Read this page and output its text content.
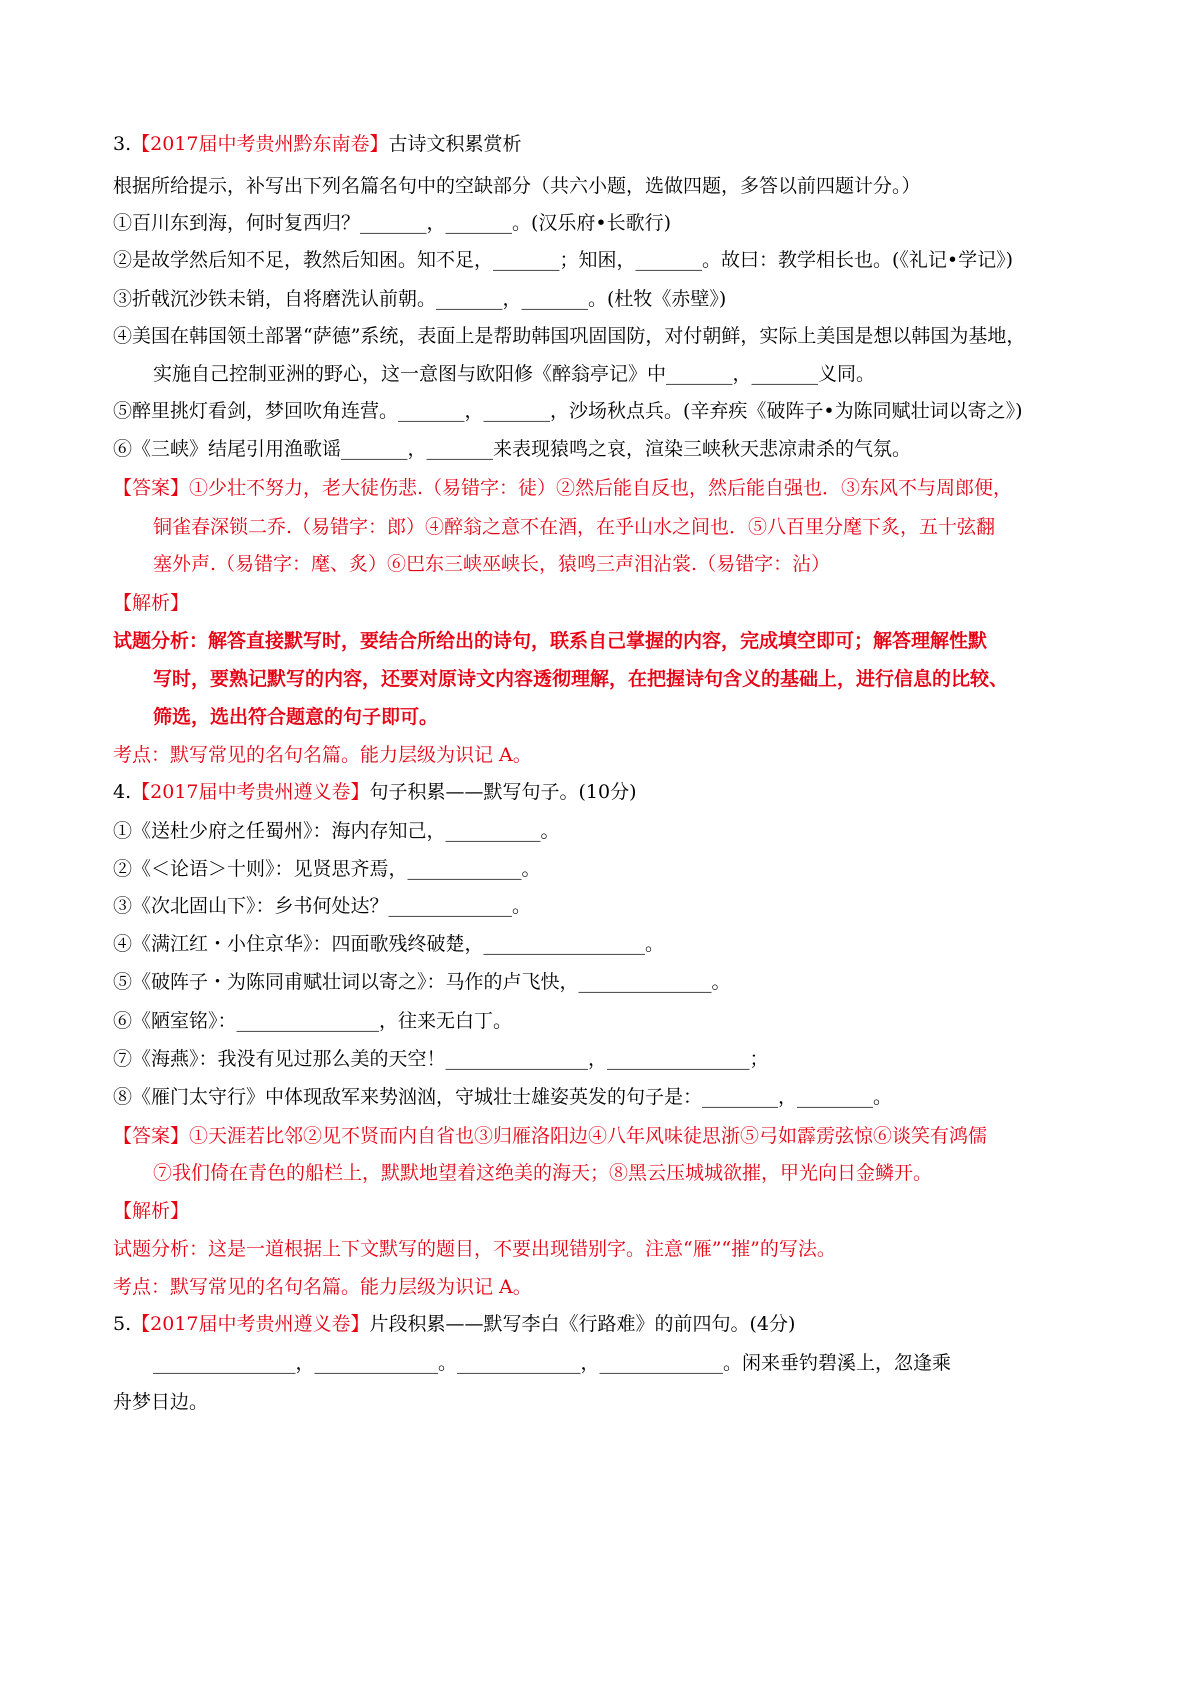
3.【2017届中考贵州黔东南卷】古诗文积累赏析
根据所给提示，补写出下列名篇名句中的空缺部分（共六小题，选做四题，多答以前四题计分。）
①百川东到海，何时复西归？_______，_______。(汉乐府•长歌行)
②是故学然后知不足，教然后知困。知不足，_______；知困，_______。故曰：教学相长也。(《礼记•学记》)
③折戟沉沙铁未销，自将磨洗认前朝。_______，_______。(杜牧《赤壁》)
④美国在韩国领土部署“萨德”系统，表面上是帮助韩国巩固国防，对付朝鲜，实际上美国是想以韩国为基地，
实施自己控制亚洲的野心，这一意图与欧阳修《醉翁亭记》中_______，_______义同。
⑤醉里挑灯看剑，梦回吹角连营。_______，_______，沙场秋点兵。(辛弃疾《破阵子•为陈同赋壮词以寄之》)
⑥《三峡》结尾引用渔歌谣_______，_______来表现猿鸣之哀，渲染三峡秋天悲凉肃杀的气氛。
【答案】①少壮不努力，老大徒伤悲.（易错字：徒）②然后能自反也，然后能自强也．③东风不与周郎便，
铜雀春深锁二乔.（易错字：郎）④醉翁之意不在酒，在乎山水之间也．⑤八百里分麾下炙，五十弦翻
塞外声.（易错字：麾、炙）⑥巴东三峡巫峡长，猿鸣三声泪沾裳.（易错字：沾）
【解析】
试题分析：解答直接默写时，要结合所给出的诗句，联系自己掌握的内容，完成填空即可；解答理解性默
写时，要熟记默写的内容，还要对原诗文内容透彻理解，在把握诗句含义的基础上，进行信息的比较、
筛选，选出符合题意的句子即可。
考点：默写常见的名句名篇。能力层级为识记 A。
4.【2017届中考贵州遵义卷】句子积累——默写句子。(10分)
①《送杜少府之任蜀州》：海内存知己，__________。
②《＜论语＞十则》：见贤思齐焉，____________。
③《次北固山下》：乡书何处达？_____________。
④《满江红・小住京华》：四面歌残终破楚，_________________。
⑤《破阵子・为陈同甫赋壮词以寄之》：马作的卢飞快，______________。
⑥《陋室铭》：_______________，往来无白丁。
⑦《海燕》：我没有见过那么美的天空！_______________，_______________；
⑧《雁门太守行》中体现敌军来势汹汹，守城壮士雄姿英发的句子是：________，________。
【答案】①天涯若比邻②见不贤而内自省也③归雁洛阳边④八年风味徒思浙⑤弓如霹雳弦惊⑥谈笑有鸿儒
⑦我们倚在青色的船栏上，默默地望着这绝美的海天；⑧黑云压城城欲摧，甲光向日金鳞开。
【解析】
试题分析：这是一道根据上下文默写的题目，不要出现错别字。注意“雁”“摧”的写法。
考点：默写常见的名句名篇。能力层级为识记 A。
5.【2017届中考贵州遵义卷】片段积累——默写李白《行路难》的前四句。(4分)
_______________，_____________。_____________，_____________。闲来垂钓碧溪上，忽逢乘
舟梦日边。
